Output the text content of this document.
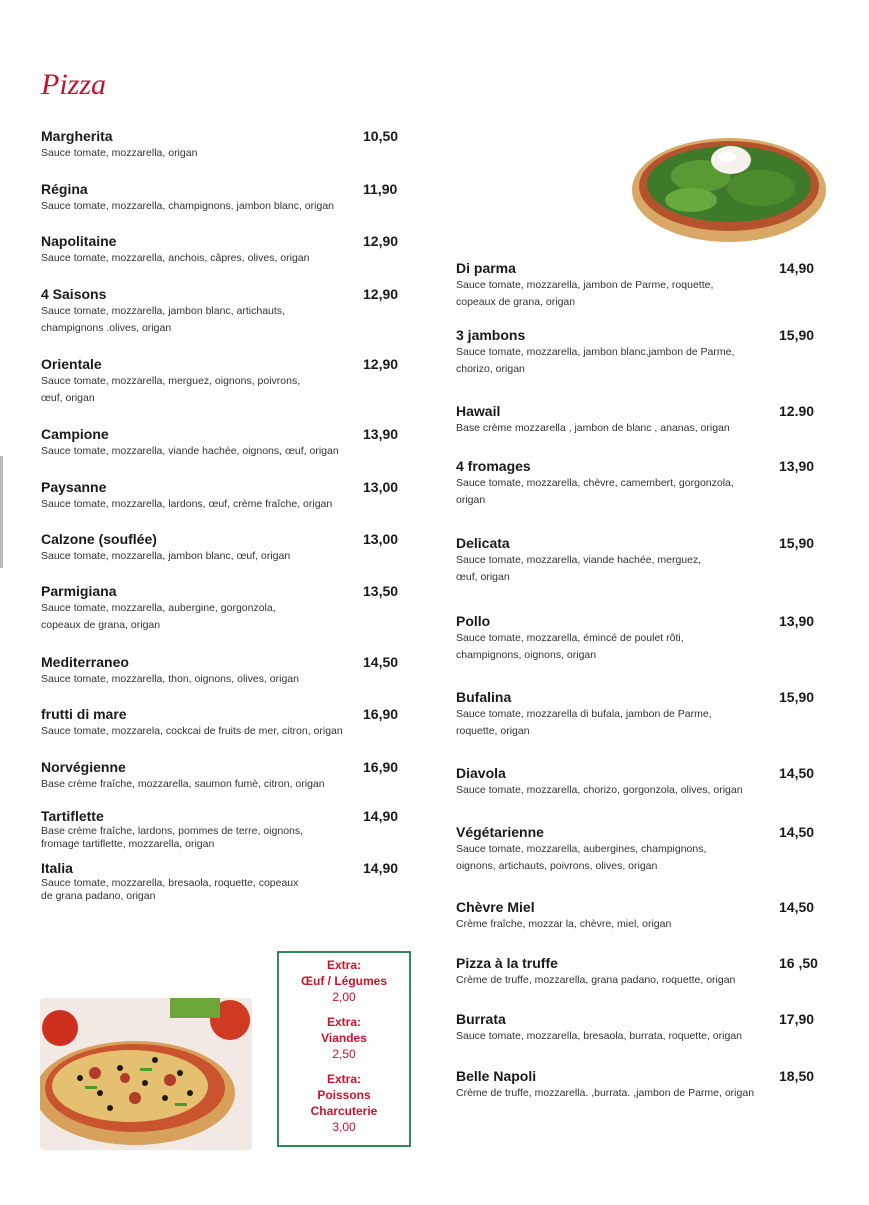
Pizza
Margherita	10,50
Sauce tomate, mozzarella, origan
Régina	11,90
Sauce tomate, mozzarella, champignons, jambon blanc, origan
Napolitaine	12,90
Sauce tomate, mozzarella, anchois, câpres, olives, origan
4 Saisons	12,90
Sauce tomate, mozzarella, jambon blanc, artichauts,
champignons .olives, origan
Orientale	12,90
Sauce tomate, mozzarella, merguez, oignons, poivrons,
œuf, origan
Campione	13,90
Sauce tomate, mozzarella, viande hachée, oignons, œuf, origan
Paysanne	13,00
Sauce tomate, mozzarella, lardons, œuf, crème fraîche, origan
Calzone (souflée)	13,00
Sauce tomate, mozzarella, jambon blanc, œuf, origan
Parmigiana	13,50
Sauce tomate, mozzarella, aubergine, gorgonzola,
copeaux de grana, origan
Mediterraneo	14,50
Sauce tomate, mozzarella, thon, oignons, olives, origan
frutti di mare	16,90
Sauce tomate, mozzarela, cockcai de fruits de mer, citron, origan
Norvégienne	16,90
Base crème fraîche, mozzarella, saumon fumè, citron, origan
Tartiflette	14,90
Base crème fraîche, lardons, pommes de terre, oignons,
fromage tartiflette, mozzarella, origan
Italia	14,90
Sauce tomate, mozzarella, bresaola, roquette, copeaux
de grana padano, origan
Di parma	14,90
Sauce tomate, mozzarella, jambon de Parme, roquette,
copeaux de grana, origan
3 jambons	15,90
Sauce tomate, mozzarella, jambon blanc,jambon de Parme,
chorizo, origan
Hawail	12.90
Base crème mozzarella , jambon de blanc , ananas, origan
4 fromages	13,90
Sauce tomate, mozzarella, chèvre, camembert, gorgonzola,
origan
Delicata	15,90
Sauce tomate, mozzarella, viande hachée, merguez,
œuf, origan
Pollo	13,90
Sauce tomate, mozzarella, émincé de poulet rôti,
champignons, oignons, origan
Bufalina	15,90
Sauce tomate, mozzarella di bufala, jambon de Parme,
roquette, origan
Diavola	14,50
Sauce tomate, mozzarella, chorizo, gorgonzola, olives, origan
Végétarienne	14,50
Sauce tomate, mozzarella, aubergines, champignons,
oignons, artichauts, poivrons, olives, origan
Chèvre Miel	14,50
Crème fraîche, mozzar la, chèvre, miel, origan
Pizza à la truffe	16 ,50
Crème de truffe, mozzarella, grana padano, roquette, origan
Burrata	17,90
Sauce tomate, mozzarella, bresaola, burrata, roquette, origan
Belle Napoli	18,50
Crème de truffe, mozzarella. ,burrata. ,jambon de Parme, origan
Extra:
Œuf / Légumes
2,00
Extra:
Viandes
2,50
Extra:
Poissons
Charcuterie
3,00
